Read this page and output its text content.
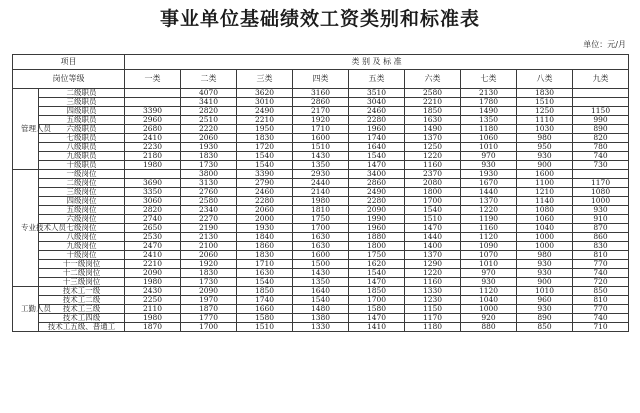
事业单位基础绩效工资类别和标准表
单位：元/月
项目		类 别 及 标 准								
岗位等级		一类	二类	三类	四类	五类	六类	七类	八类	九类
管理人员	二级职员		4070	3620	3160	3510	2580	2130	1830	
	三级职员		3410	3010	2860	3040	2210	1780	1510	
	四级职员	3390	2820	2490	2170	2460	1850	1490	1250	1150
	五级职员	2960	2510	2210	1920	2280	1630	1350	1110	990
	六级职员	2680	2220	1950	1710	1960	1490	1180	1030	890
	七级职员	2410	2060	1830	1600	1740	1370	1060	980	820
	八级职员	2230	1930	1720	1510	1640	1250	1010	950	780
	九级职员	2180	1830	1540	1430	1540	1220	970	930	740
	十级职员	1980	1730	1540	1350	1470	1160	930	900	730
专业技术人员	一级岗位		3800	3390	2930	3400	2370	1930	1600	
	二级岗位	3690	3130	2790	2440	2860	2080	1670	1100	1170
	三级岗位	3350	2760	2460	2140	2490	1800	1440	1210	1080
	四级岗位	3060	2580	2280	1980	2280	1700	1370	1140	1000
	五级岗位	2820	2340	2060	1810	2090	1540	1220	1080	930
	六级岗位	2740	2270	2000	1750	1990	1510	1190	1060	910
	七级岗位	2650	2190	1930	1700	1960	1470	1160	1040	870
	八级岗位	2530	2130	1840	1630	1880	1440	1120	1000	860
	九级岗位	2470	2100	1860	1630	1800	1400	1090	1000	830
	十级岗位	2410	2060	1830	1600	1750	1370	1070	980	810
	十一级岗位	2210	1920	1710	1500	1620	1290	1010	930	770
	十二级岗位	2090	1830	1630	1430	1540	1220	970	930	740
	十三级岗位	1980	1730	1540	1350	1470	1160	930	900	720
工勤人员	技术工一级	2430	2090	1850	1640	1850	1330	1120	1010	850
	技术工二级	2250	1970	1740	1540	1700	1230	1040	960	810
	技术工三级	2110	1870	1660	1480	1580	1150	1000	930	770
	技术工四级	1980	1770	1580	1380	1470	1170	920	890	740
	技术工五级、普通工	1870	1700	1510	1330	1410	1180	880	850	710
